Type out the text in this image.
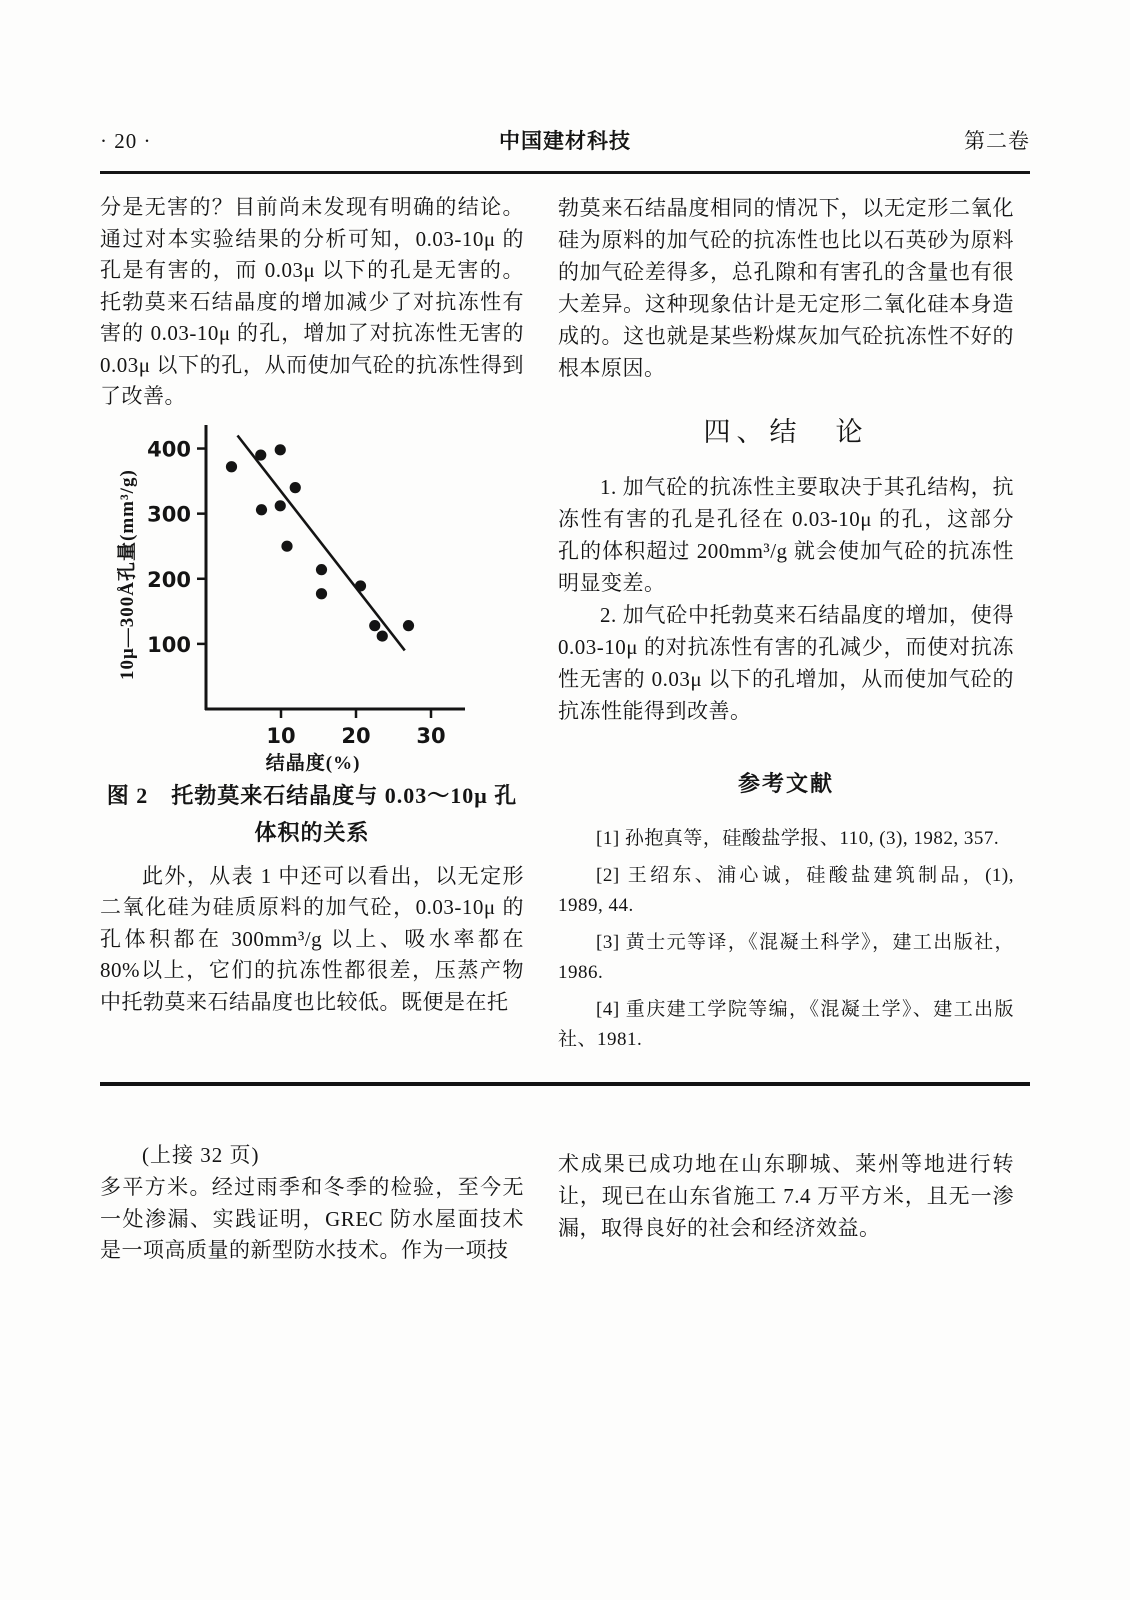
· 20 ·	中国建材科技	第二卷

分是无害的？目前尚未发现有明确的结论。通过对本实验结果的分析可知，0.03-10μ 的孔是有害的，而 0.03μ 以下的孔是无害的。托勃莫来石结晶度的增加减少了对抗冻性有害的 0.03-10μ 的孔，增加了对抗冻性无害的 0.03μ 以下的孔，从而使加气砼的抗冻性得到了改善。

100
200
300
400
10 20 30
10μ—300Å孔量(mm³/g)
结晶度(%)
图 2　托勃莫来石结晶度与 0.03～10μ 孔
体积的关系

此外，从表 1 中还可以看出，以无定形二氧化硅为硅质原料的加气砼，0.03-10μ 的孔体积都在 300mm³/g 以上、吸水率都在 80%以上，它们的抗冻性都很差，压蒸产物中托勃莫来石结晶度也比较低。既便是在托

勃莫来石结晶度相同的情况下，以无定形二氧化硅为原料的加气砼的抗冻性也比以石英砂为原料的加气砼差得多，总孔隙和有害孔的含量也有很大差异。这种现象估计是无定形二氧化硅本身造成的。这也就是某些粉煤灰加气砼抗冻性不好的根本原因。

四、结　论

1. 加气砼的抗冻性主要取决于其孔结构，抗冻性有害的孔是孔径在 0.03-10μ 的孔，这部分孔的体积超过 200mm³/g 就会使加气砼的抗冻性明显变差。

2. 加气砼中托勃莫来石结晶度的增加，使得 0.03-10μ 的对抗冻性有害的孔减少，而使对抗冻性无害的 0.03μ 以下的孔增加，从而使加气砼的抗冻性能得到改善。

参考文献

[1] 孙抱真等，硅酸盐学报、110, (3), 1982, 357.

[2] 王绍东、浦心诚，硅酸盐建筑制品，(1), 1989, 44.

[3] 黄士元等译，《混凝土科学》，建工出版社，1986.

[4] 重庆建工学院等编，《混凝土学》、建工出版社、1981.

(上接 32 页)

多平方米。经过雨季和冬季的检验，至今无一处渗漏、实践证明，GREC 防水屋面技术是一项高质量的新型防水技术。作为一项技

术成果已成功地在山东聊城、莱州等地进行转让，现已在山东省施工 7.4 万平方米，且无一渗漏，取得良好的社会和经济效益。
